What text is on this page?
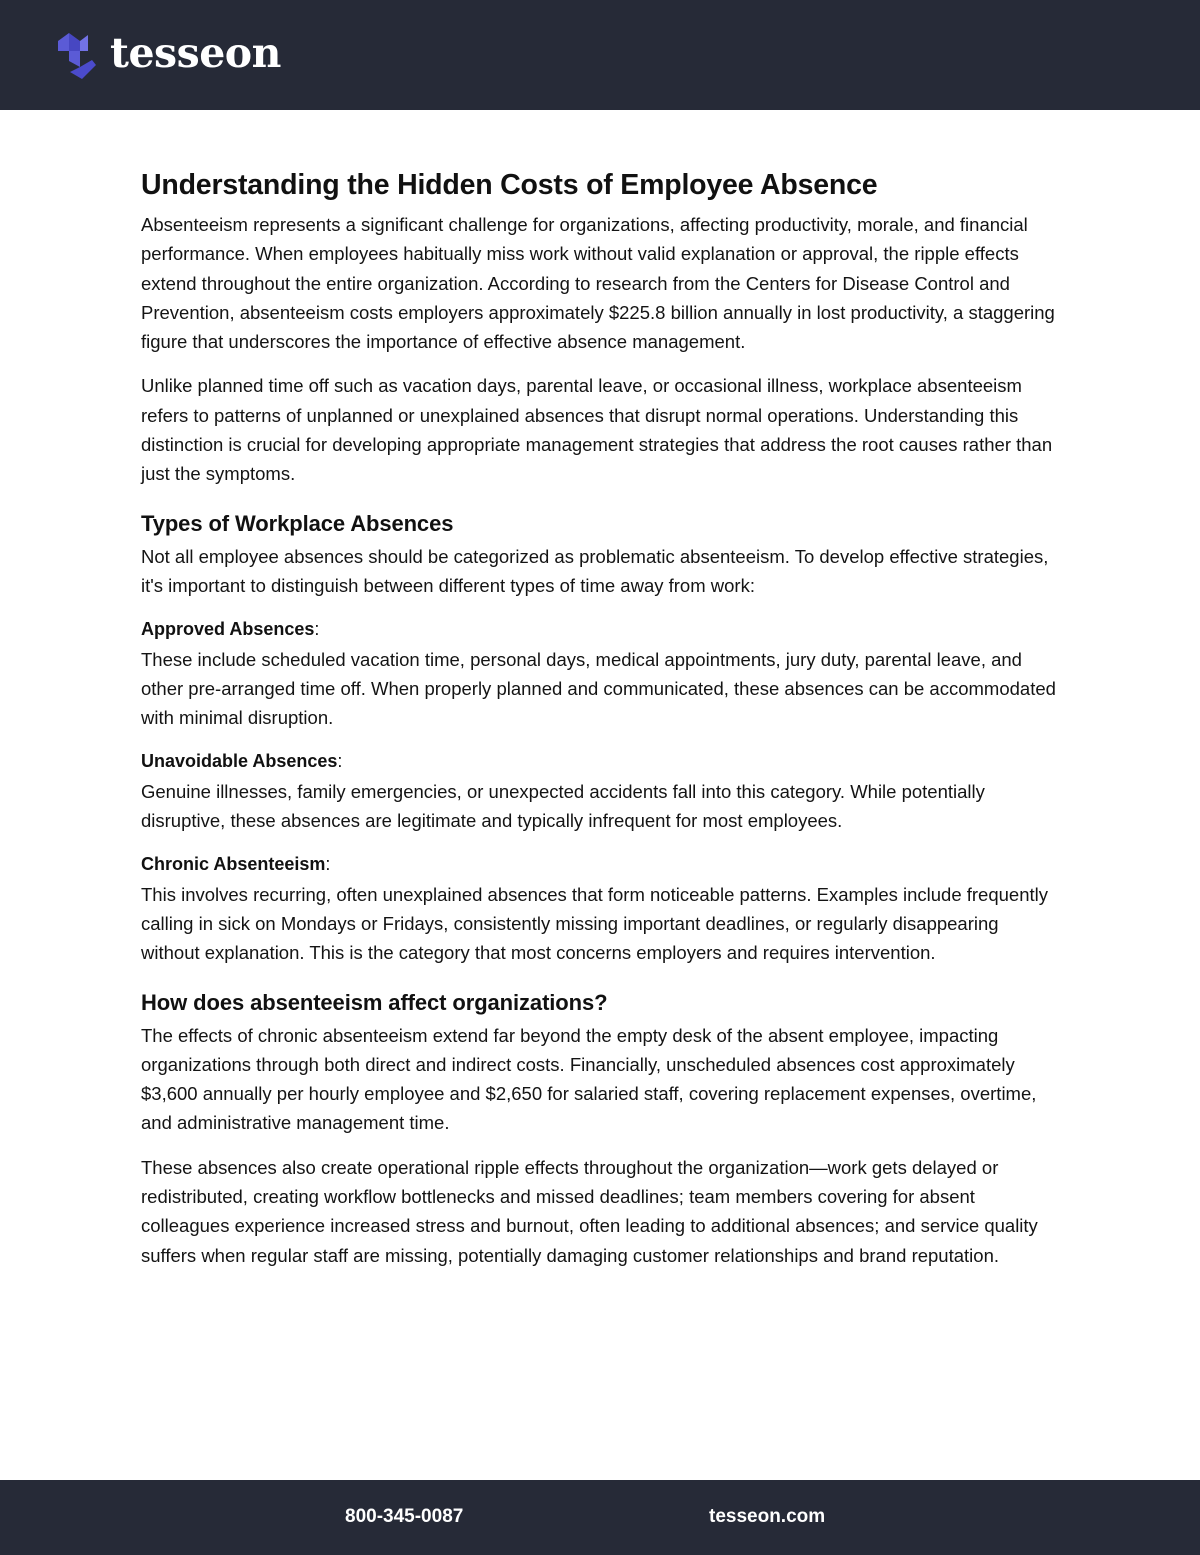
tesseon
Understanding the Hidden Costs of Employee Absence

Absenteeism represents a significant challenge for organizations, affecting productivity, morale, and financial performance. When employees habitually miss work without valid explanation or approval, the ripple effects extend throughout the entire organization. According to research from the Centers for Disease Control and Prevention, absenteeism costs employers approximately $225.8 billion annually in lost productivity, a staggering figure that underscores the importance of effective absence management.

Unlike planned time off such as vacation days, parental leave, or occasional illness, workplace absenteeism refers to patterns of unplanned or unexplained absences that disrupt normal operations. Understanding this distinction is crucial for developing appropriate management strategies that address the root causes rather than just the symptoms.

Types of Workplace Absences

Not all employee absences should be categorized as problematic absenteeism. To develop effective strategies, it's important to distinguish between different types of time away from work:

Approved Absences:

These include scheduled vacation time, personal days, medical appointments, jury duty, parental leave, and other pre-arranged time off. When properly planned and communicated, these absences can be accommodated with minimal disruption.

Unavoidable Absences:

Genuine illnesses, family emergencies, or unexpected accidents fall into this category. While potentially disruptive, these absences are legitimate and typically infrequent for most employees.

Chronic Absenteeism:

This involves recurring, often unexplained absences that form noticeable patterns. Examples include frequently calling in sick on Mondays or Fridays, consistently missing important deadlines, or regularly disappearing without explanation. This is the category that most concerns employers and requires intervention.

How does absenteeism affect organizations?

The effects of chronic absenteeism extend far beyond the empty desk of the absent employee, impacting organizations through both direct and indirect costs. Financially, unscheduled absences cost approximately $3,600 annually per hourly employee and $2,650 for salaried staff, covering replacement expenses, overtime, and administrative management time.

These absences also create operational ripple effects throughout the organization—work gets delayed or redistributed, creating workflow bottlenecks and missed deadlines; team members covering for absent colleagues experience increased stress and burnout, often leading to additional absences; and service quality suffers when regular staff are missing, potentially damaging customer relationships and brand reputation.

800-345-0087	tesseon.com
